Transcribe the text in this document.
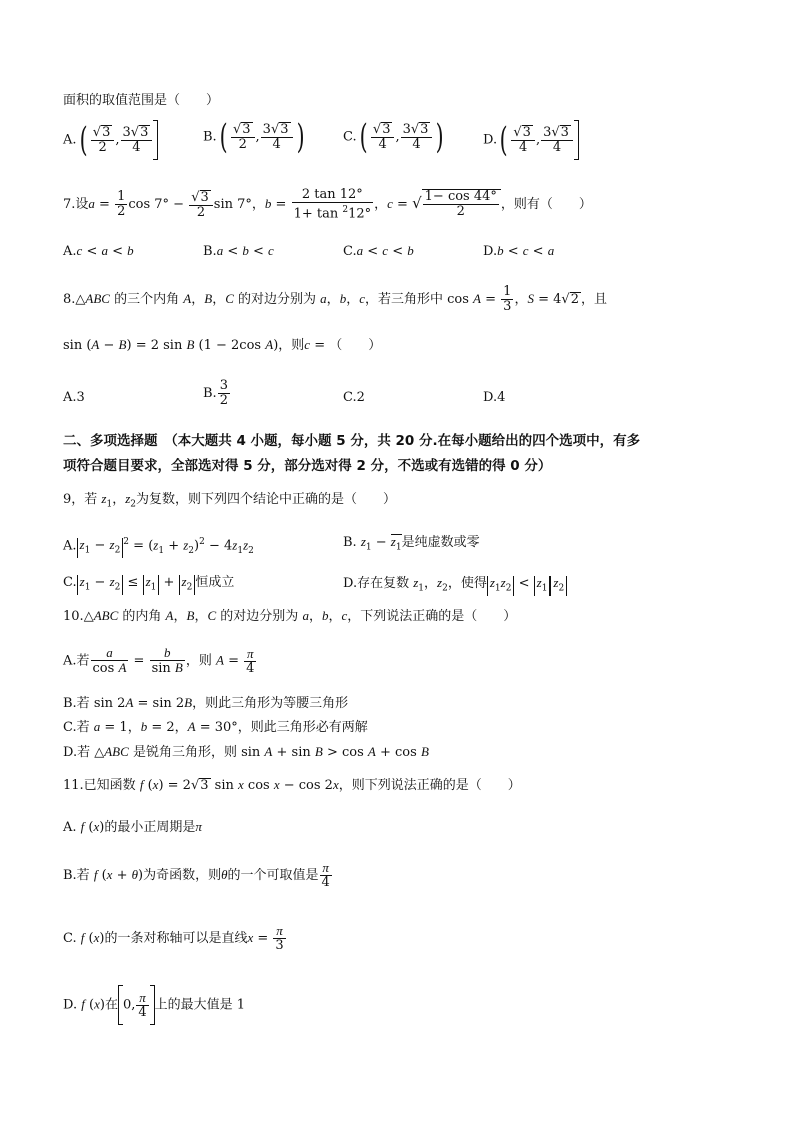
面积的取值范围是（　　）
$A.( \frac{√3}{2}$ , $\frac{3√3}{4}$	$B.( \frac{√3}{2}$ , $\frac{3√3}{4}$ )	$C.( \frac{√3}{4}$ , $\frac{3√3}{4}$ )	$D.( \frac{√3}{4}$ , $\frac{3√3}{4}$
7.设$a = \frac{1}{2}$ $\cos 7^\circ - \frac{√3}{2}$ sin 7°，$b = \frac{2 \tan 12^\circ}{1+ \tan ^212^\circ}$ ，c = √ $\frac{1- \cos 44^\circ}{2}$ ，则有（　　）
A.c < a < b	B.a < b < c	C.a < c < b	D.b < c < a
8.△ABC 的三个内角 A，B，C 的对边分别为 a，b，c，若三角形中 $\cos A = \frac{1}{3}$ ，S = 4√2 ，且
sin (A − B) = 2 sin B (1 − 2cos A)，则c = （　　）
A.3	B. $\frac{3}{2}$	C.2	D.4
二、多项选择题　（本大题共 4 小题，每小题 5 分，共 20 分.在每小题给出的四个选项中，有多
项符合题目要求，全部选对得 5 分，部分选对得 2 分，不选或有选错的得 0 分）
9，若 $z_1$，$z_2$为复数，则下列四个结论中正确的是（　　）
A. $z_1 - z_2^2 = (z_1 + z_2)^2 - 4z_1z_2$
B. $z_1 - z_1$是纯虚数或零
C. $z_1 - z_2 \le z_1 + z_2$ 恒成立	D.存在复数 $z_1$，$z_2$，使得 $z_1z_2 < z_1$ $z_2$
10.△ABC 的内角 A，B，C 的对边分别为 a，b，c，下列说法正确的是（　　）
A.若 $\frac{a}{\text{cos A}} = \frac{b}{\text{sin B}}$ ，则 $A = \frac{\pi}{4}$
B.若 sin 2A = sin 2B，则此三角形为等腰三角形
C.若 a = 1，b = 2，A = 30°，则此三角形必有两解
D.若 △ABC 是锐角三角形，则 sin A + sin B > cos A + cos B
11.已知函数 f (x) = 2√3 sin x cos x − cos 2x，则下列说法正确的是（　　）
A. f (x)的最小正周期是π
B.若 f (x + θ)为奇函数，则θ的一个可取值是 $\frac{\pi}{4}$
C. f (x)的一条对称轴可以是直线$x = \frac{\pi}{3}$
D. f (x)在 0, $\frac{\pi}{4}$ 上的最大值是 1
